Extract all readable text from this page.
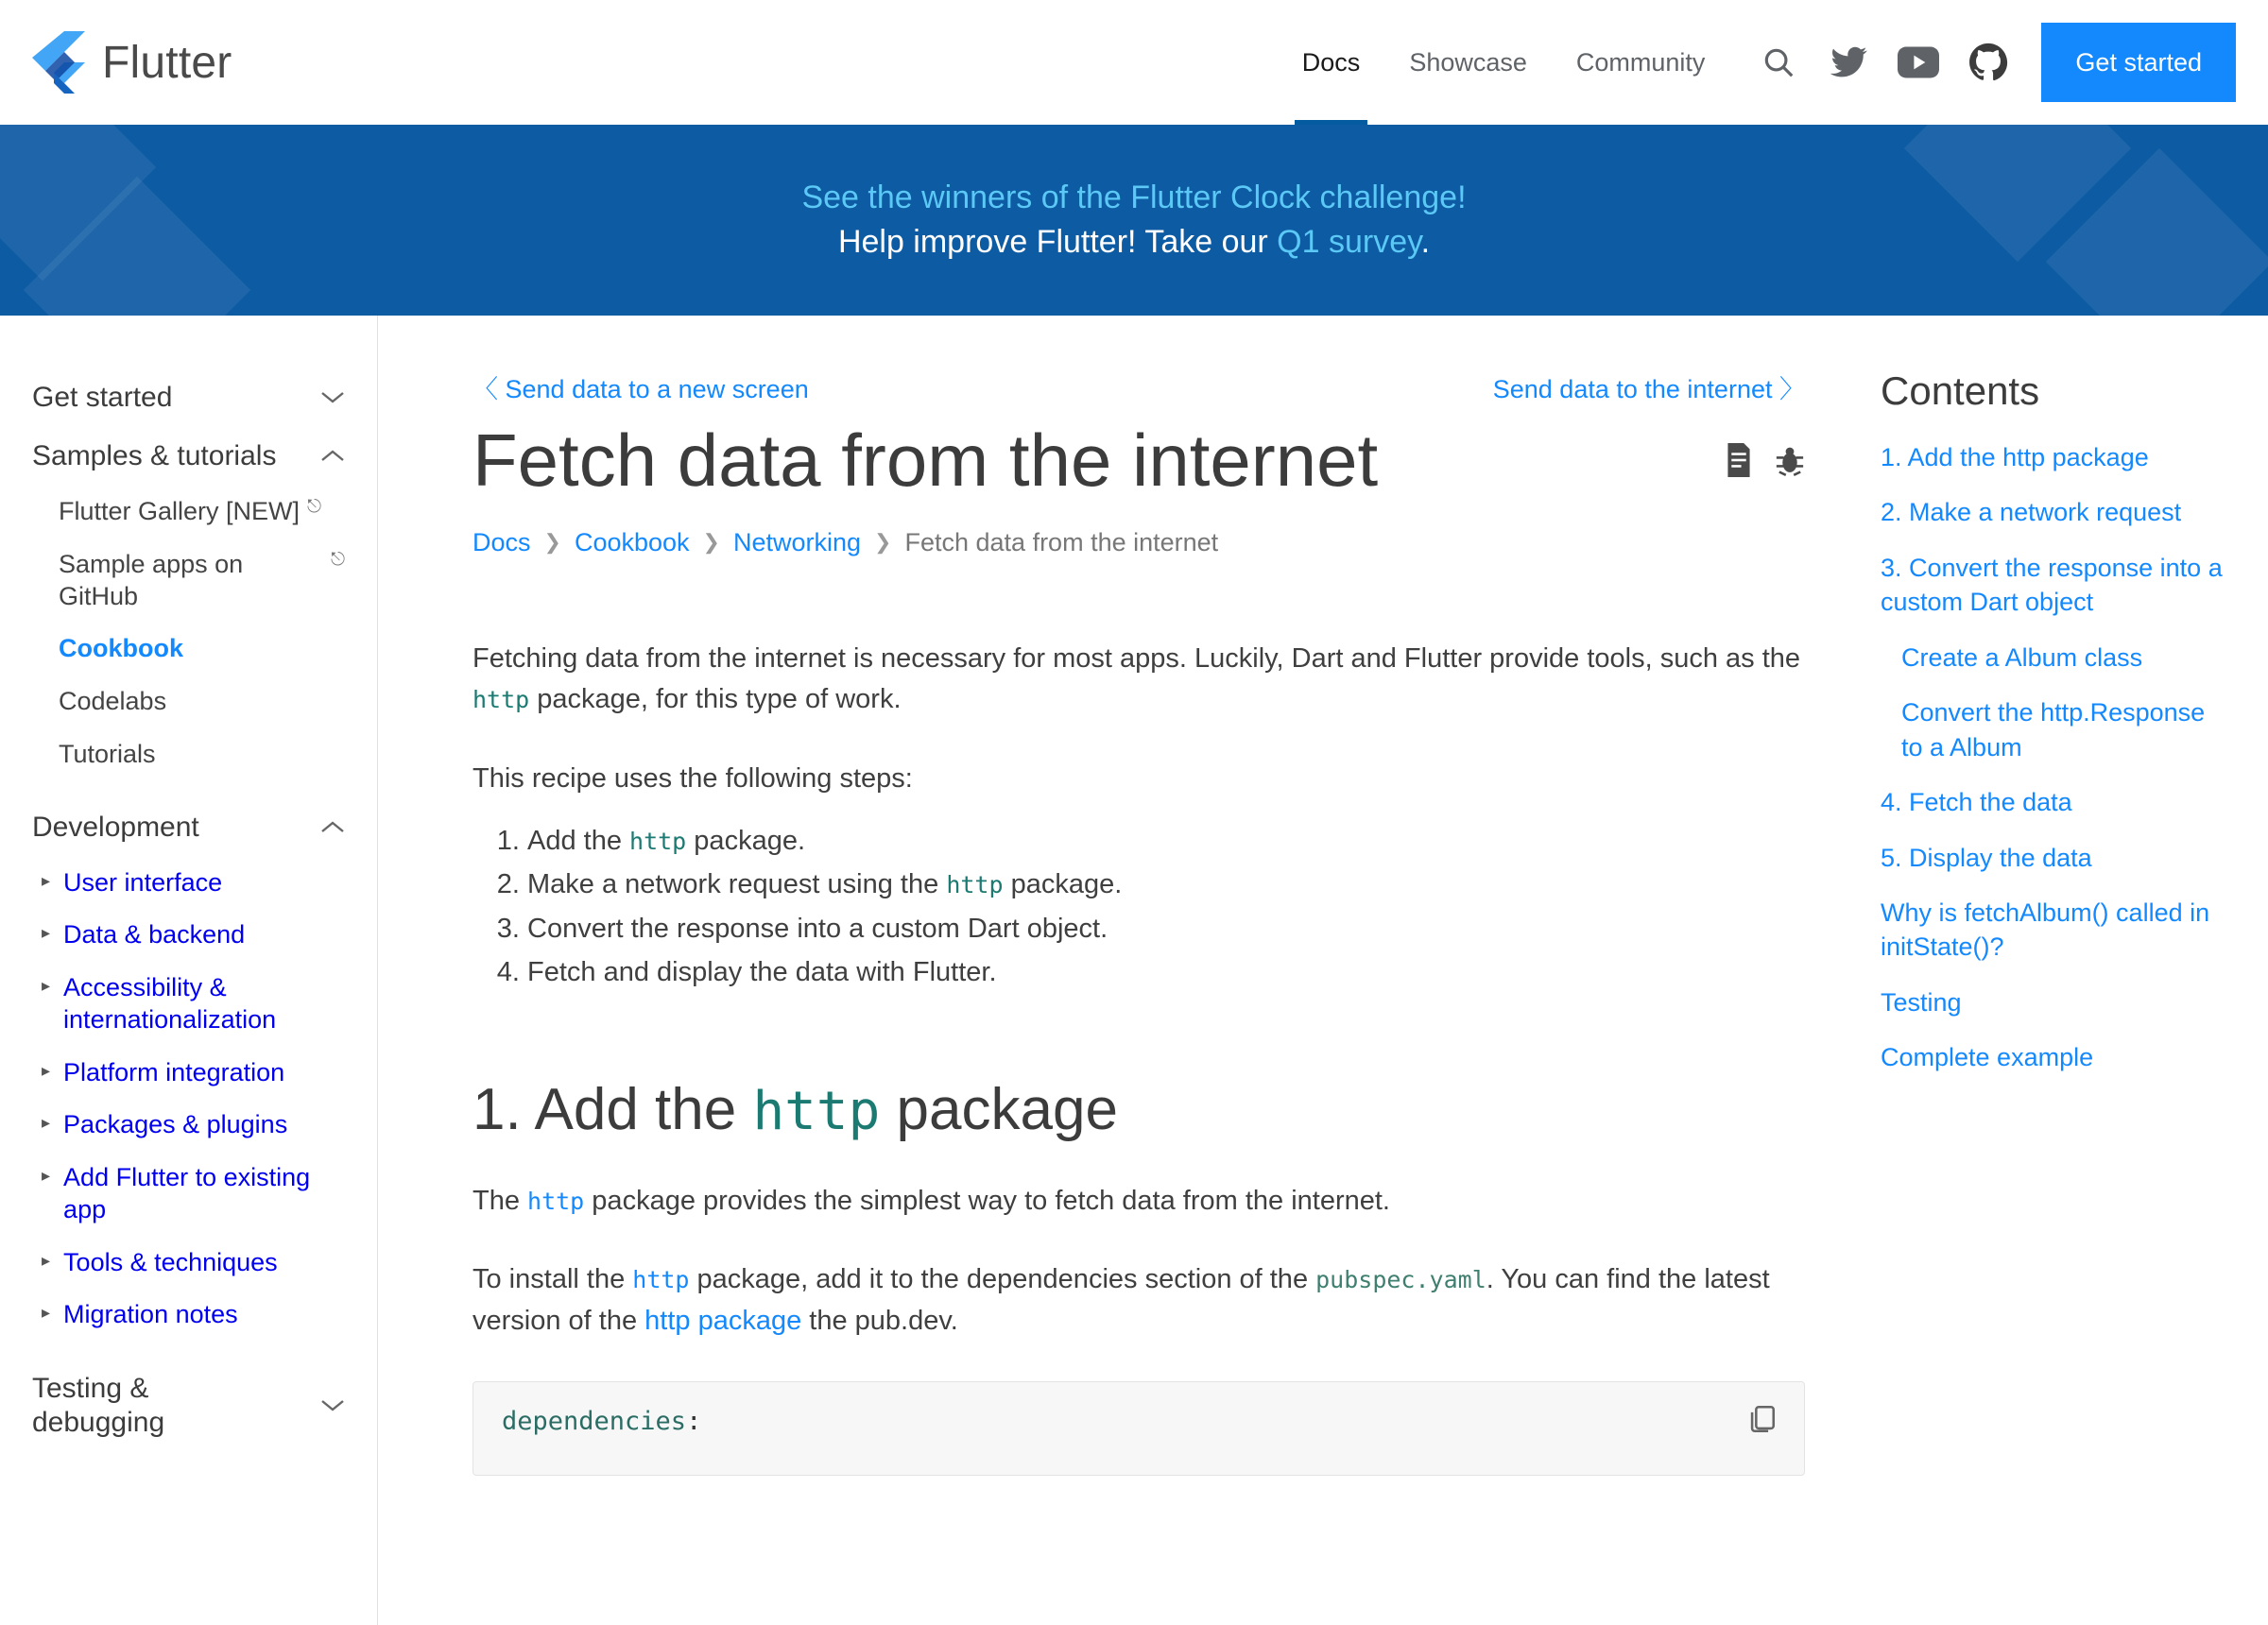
Flutter	Docs	Showcase	Community	Get started
See the winners of the Flutter Clock challenge!
Help improve Flutter! Take our Q1 survey.
Get started
Samples & tutorials
Flutter Gallery [NEW] ⎋
Sample apps on GitHub
⎋
Cookbook
Codelabs
Tutorials
Development
▸ User interface
▸ Data & backend
▸ Accessibility & internationalization
▸ Platform integration
▸ Packages & plugins
▸ Add Flutter to existing app
▸ Tools & techniques
▸ Migration notes
Testing & debugging
〈 Send data to a new screen	Send data to the internet 〉
Fetch data from the internet
Docs ❯ Cookbook ❯ Networking ❯ Fetch data from the internet

Fetching data from the internet is necessary for most apps. Luckily, Dart and Flutter provide tools, such as the http package, for this type of work.

This recipe uses the following steps:

1. Add the http package.
2. Make a network request using the http package.
3. Convert the response into a custom Dart object.
4. Fetch and display the data with Flutter.
1. Add the http package

The http package provides the simplest way to fetch data from the internet.

To install the http package, add it to the dependencies section of the pubspec.yaml. You can find the latest version of the http package the pub.dev.

dependencies:
Contents
1. Add the http package
2. Make a network request
3. Convert the response into a custom Dart object
Create a Album class
Convert the http.Response to a Album
4. Fetch the data
5. Display the data
Why is fetchAlbum() called in initState()?
Testing
Complete example
